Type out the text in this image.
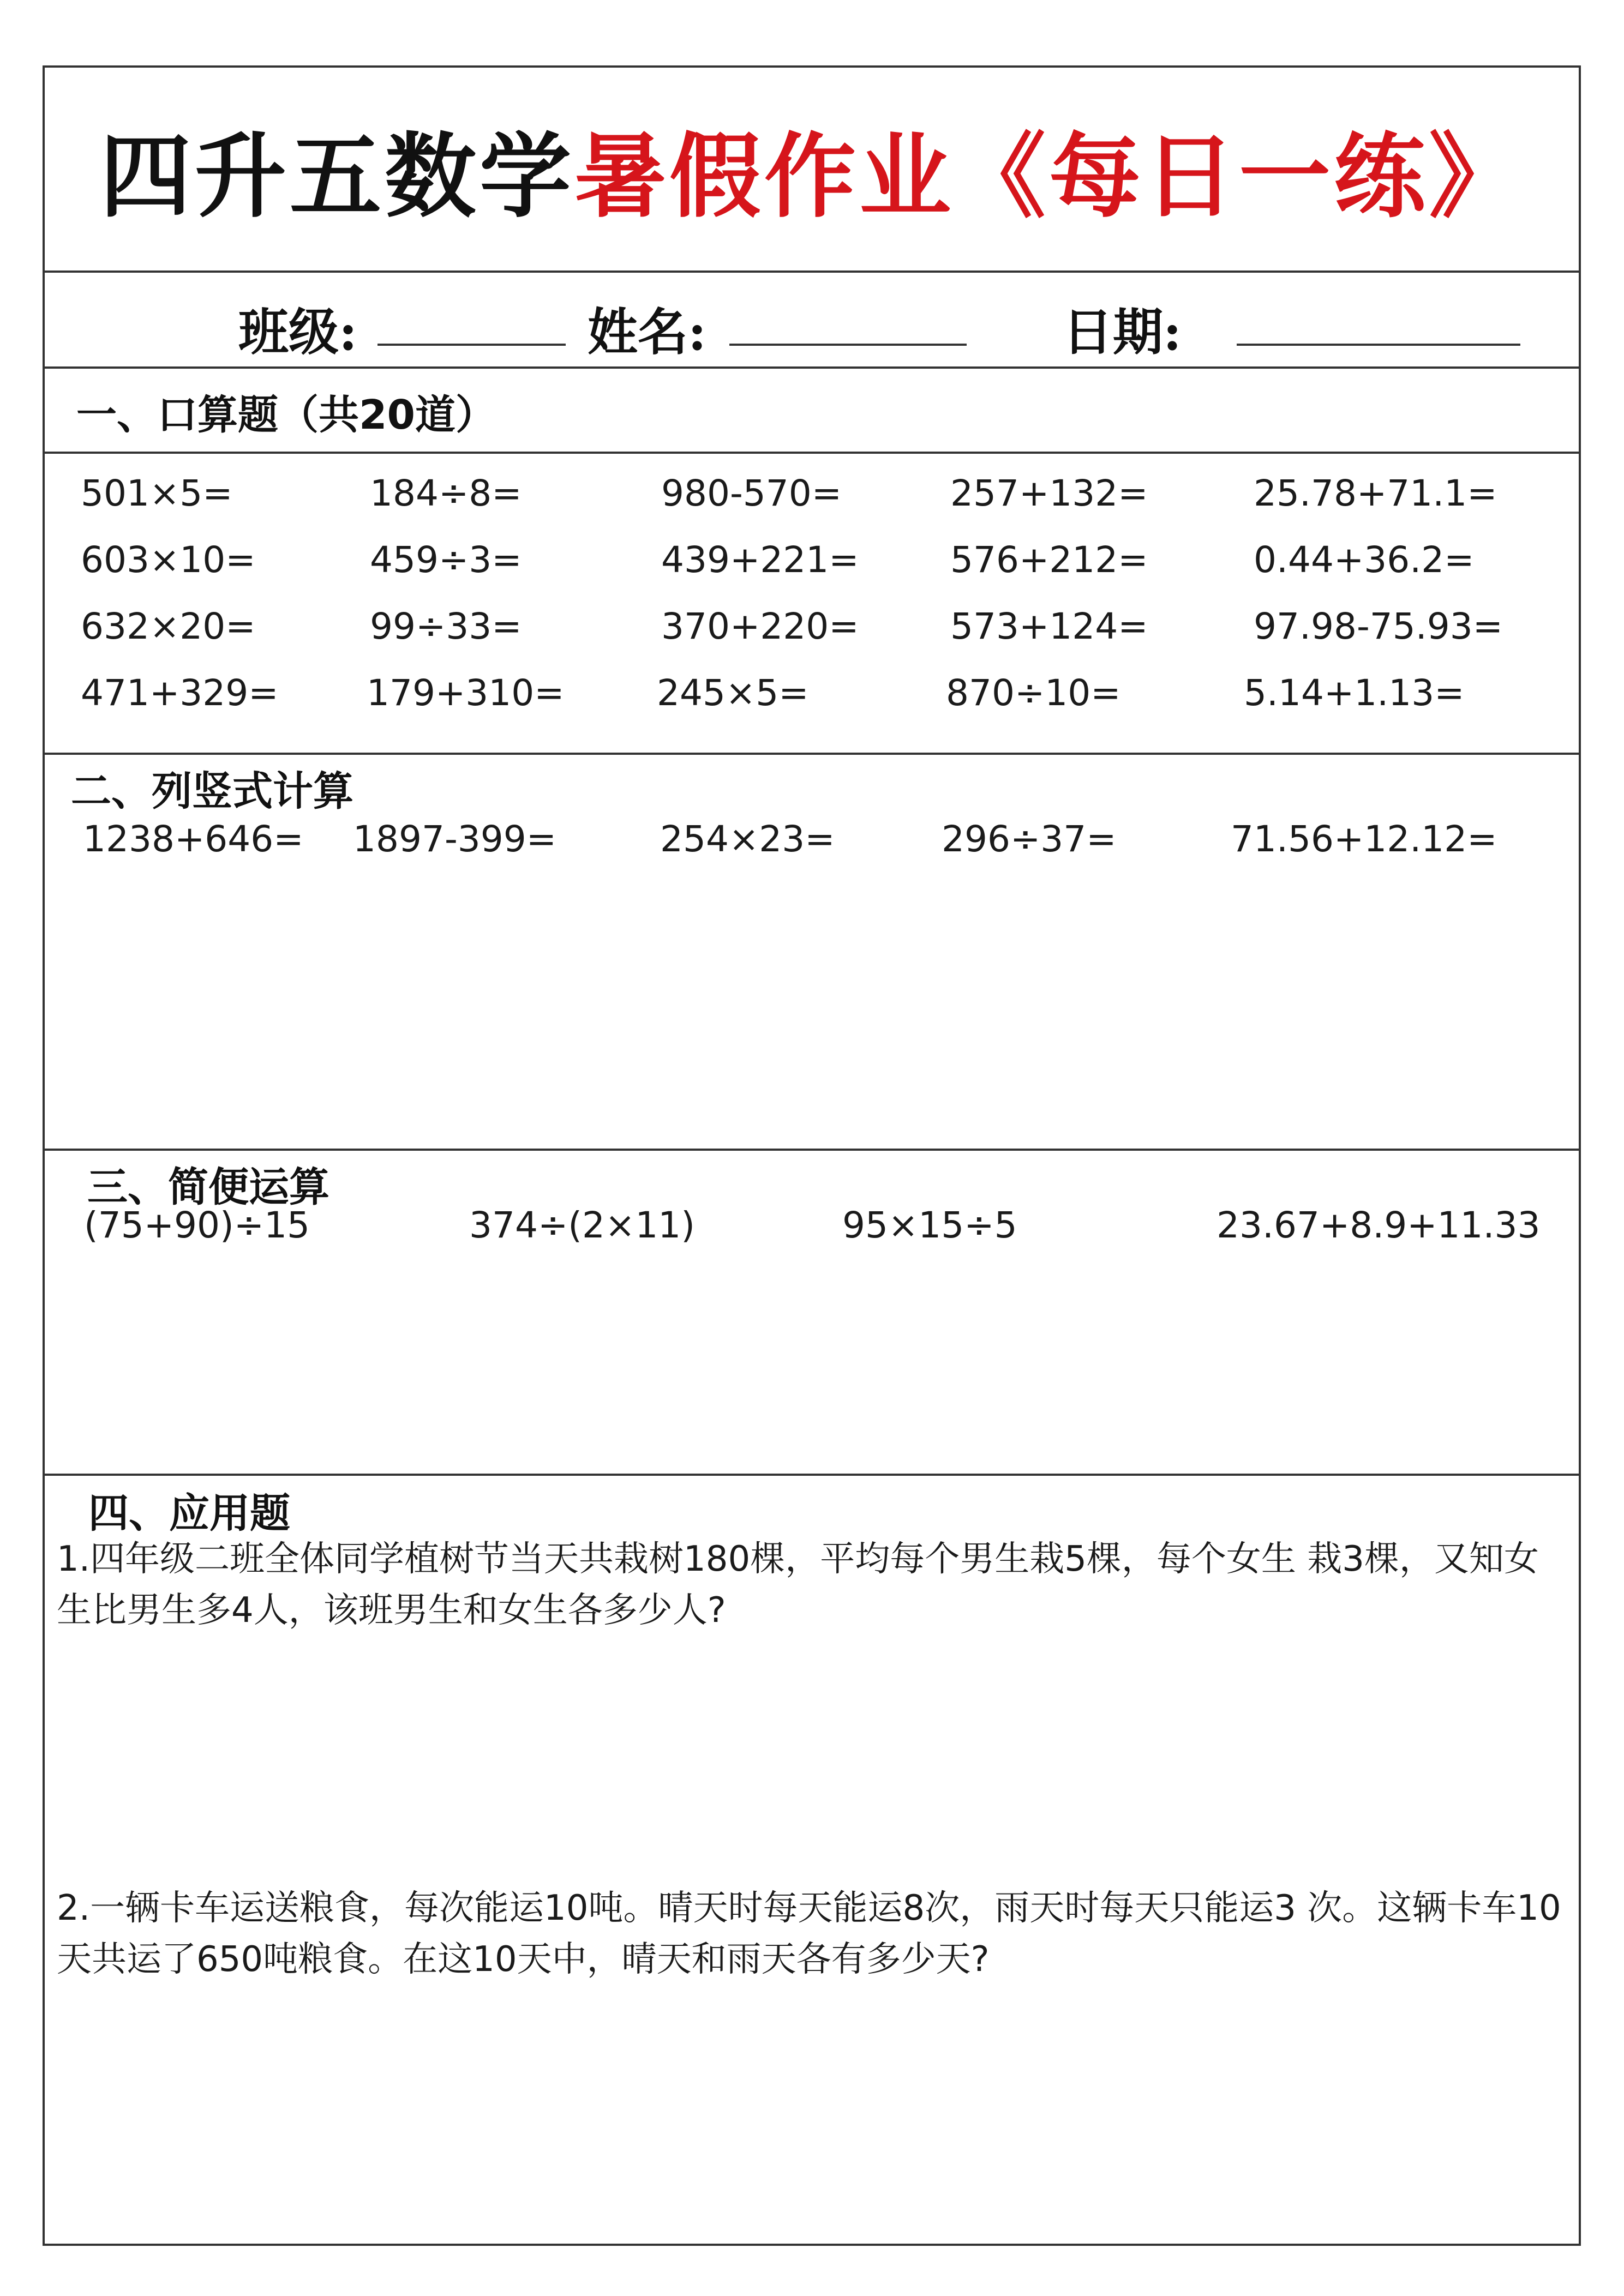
四升五数学 暑假作业《每日一练》
班级:	姓名:	日期:
一、口算题（共20道）
501×5=	184÷8=	980-570=	257+132=	25.78+71.1=
603×10=	459÷3=	439+221=	576+212=	0.44+36.2=
632×20=	99÷33=	370+220=	573+124=	97.98-75.93=
471+329= 179+310=	245×5=	870÷10=	5.14+1.13=
二、列竖式计算
1238+646= 1897-399=	254×23=	296÷37=	71.56+12.12=
三、简便运算
(75+90)÷15	374÷(2×11)	95×15÷5	23.67+8.9+11.33
四、应用题
1.四年级二班全体同学植树节当天共栽树180棵，平均每个男生栽5棵，每个女生 栽3棵，又知女生比男生多4人，该班男生和女生各多少人?
2.一辆卡车运送粮食，每次能运10吨。晴天时每天能运8次，雨天时每天只能运3 次。这辆卡车10天共运了650吨粮食。在这10天中，晴天和雨天各有多少天?
